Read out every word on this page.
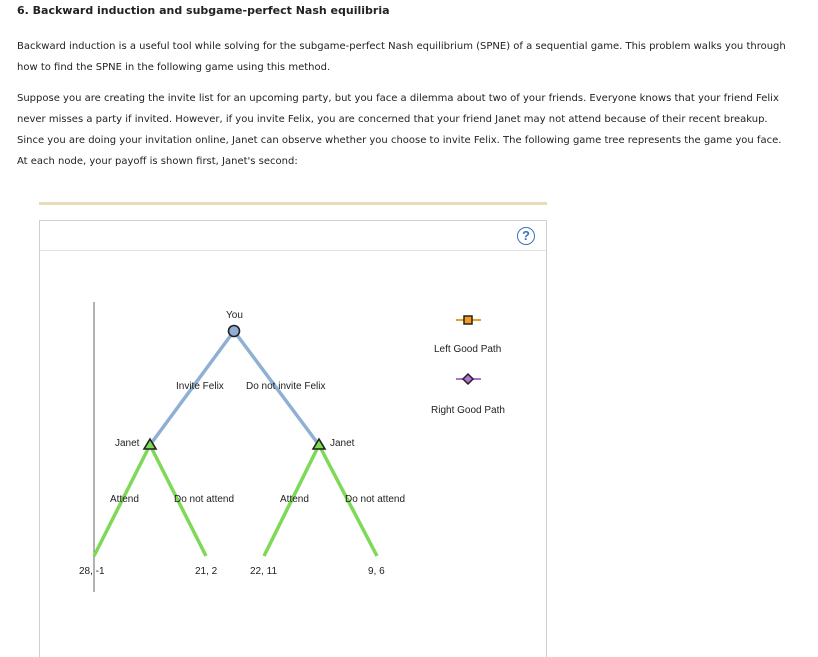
6. Backward induction and subgame-perfect Nash equilibria
Backward induction is a useful tool while solving for the subgame-perfect Nash equilibrium (SPNE) of a sequential game. This problem walks you through
how to find the SPNE in the following game using this method.
Suppose you are creating the invite list for an upcoming party, but you face a dilemma about two of your friends. Everyone knows that your friend Felix
never misses a party if invited. However, if you invite Felix, you are concerned that your friend Janet may not attend because of their recent breakup.
Since you are doing your invitation online, Janet can observe whether you choose to invite Felix. The following game tree represents the game you face.
At each node, your payoff is shown first, Janet's second:
?
You
Invite Felix Do not invite Felix
Janet	Janet
Attend	Do not attend	Attend	Do not attend
28, -1	21, 2	22, 11	9, 6
Left Good Path
Right Good Path
